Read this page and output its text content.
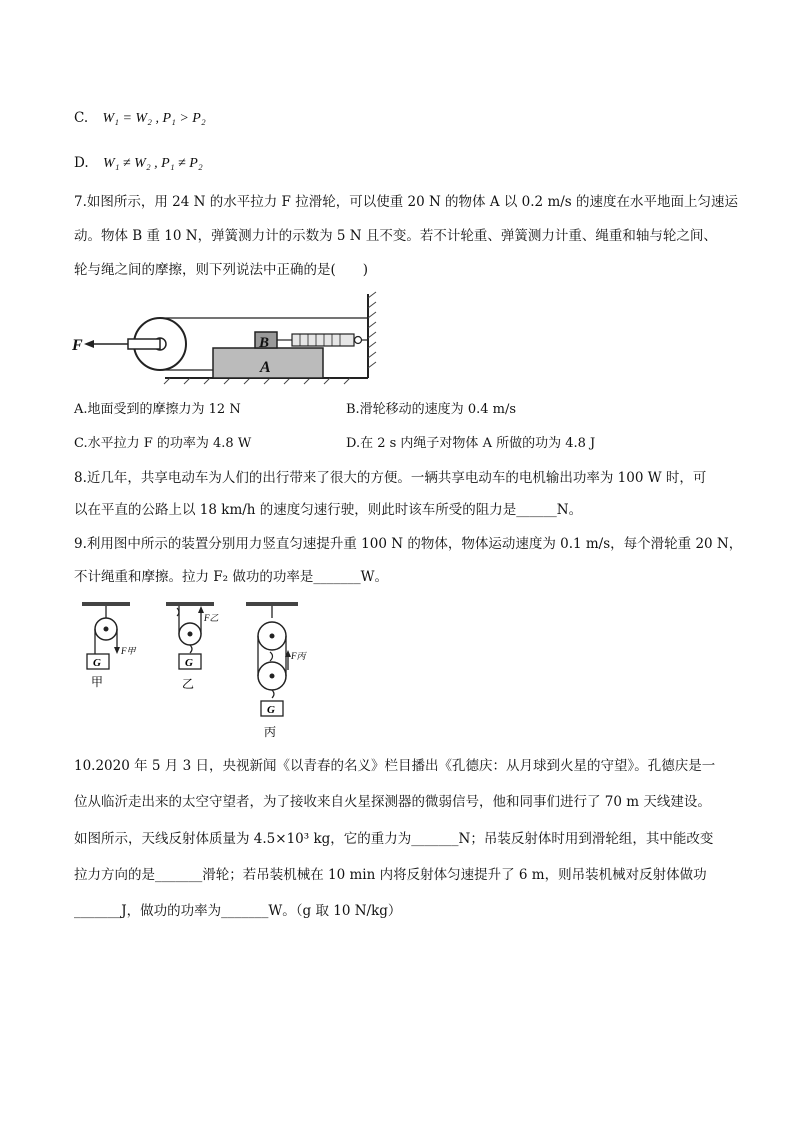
C. W₁ = W₂ , P₁ > P₂
D. W₁ ≠ W₂ , P₁ ≠ P₂
7.如图所示，用 24 N 的水平拉力 F 拉滑轮，可以使重 20 N 的物体 A 以 0.2 m/s 的速度在水平地面上匀速运
动。物体 B 重 10 N，弹簧测力计的示数为 5 N 且不变。若不计轮重、弹簧测力计重、绳重和轴与轮之间、
轮与绳之间的摩擦，则下列说法中正确的是(　　)
A
B
F
A.地面受到的摩擦力为 12 N	B.滑轮移动的速度为 0.4 m/s
C.水平拉力 F 的功率为 4.8 W	D.在 2 s 内绳子对物体 A 所做的功为 4.8 J
8.近几年，共享电动车为人们的出行带来了很大的方便。一辆共享电动车的电机输出功率为 100 W 时，可
以在平直的公路上以 18 km/h 的速度匀速行驶，则此时该车所受的阻力是______N。
9.利用图中所示的装置分别用力竖直匀速提升重 100 N 的物体，物体运动速度为 0.1 m/s，每个滑轮重 20 N，
不计绳重和摩擦。拉力 F₂ 做功的功率是_______W。
G
F甲
甲
G
F乙
乙
F丙
G
丙
10.2020 年 5 月 3 日，央视新闻《以青春的名义》栏目播出《孔德庆：从月球到火星的守望》。孔德庆是一
位从临沂走出来的太空守望者，为了接收来自火星探测器的微弱信号，他和同事们进行了 70 m 天线建设。
如图所示，天线反射体质量为 4.5×10³ kg，它的重力为_______N；吊装反射体时用到滑轮组，其中能改变
拉力方向的是_______滑轮；若吊装机械在 10 min 内将反射体匀速提升了 6 m，则吊装机械对反射体做功
_______J，做功的功率为_______W。（g 取 10 N/kg）
